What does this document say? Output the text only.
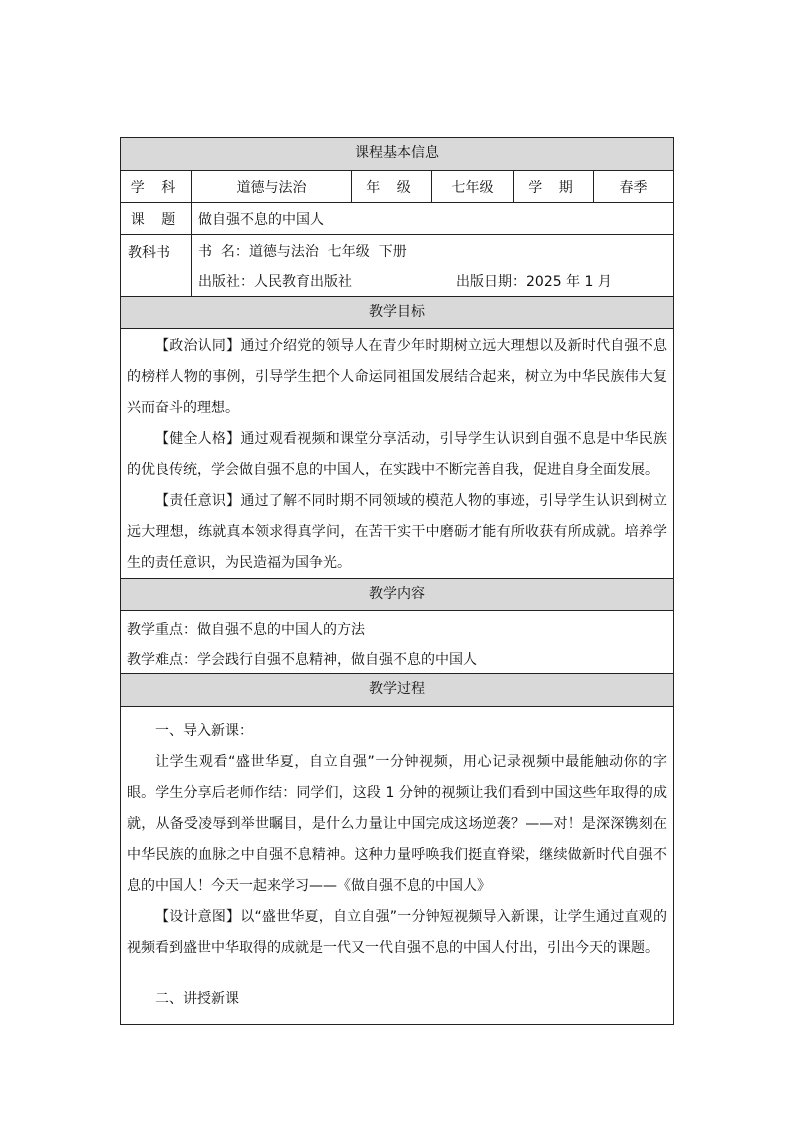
课程基本信息
学 科	道德与法治	年 级	七年级	学 期	春季
课 题	做自强不息的中国人
教科书	书  名：道德与法治  七年级  下册
出版社：人民教育出版社	出版日期：2025 年 1 月
教学目标
【政治认同】通过介绍党的领导人在青少年时期树立远大理想以及新时代自强不息的榜样人物的事例，引导学生把个人命运同祖国发展结合起来，树立为中华民族伟大复兴而奋斗的理想。
【健全人格】通过观看视频和课堂分享活动，引导学生认识到自强不息是中华民族的优良传统，学会做自强不息的中国人，在实践中不断完善自我，促进自身全面发展。
【责任意识】通过了解不同时期不同领域的模范人物的事迹，引导学生认识到树立远大理想，练就真本领求得真学问，在苦干实干中磨砺才能有所收获有所成就。培养学生的责任意识，为民造福为国争光。
教学内容
教学重点：做自强不息的中国人的方法
教学难点：学会践行自强不息精神，做自强不息的中国人
教学过程
一、导入新课：
让学生观看“盛世华夏，自立自强”一分钟视频，用心记录视频中最能触动你的字眼。学生分享后老师作结：同学们，这段 1 分钟的视频让我们看到中国这些年取得的成就，从备受凌辱到举世瞩目，是什么力量让中国完成这场逆袭？——对！是深深镌刻在中华民族的血脉之中自强不息精神。这种力量呼唤我们挺直脊梁，继续做新时代自强不息的中国人！今天一起来学习——《做自强不息的中国人》
【设计意图】以“盛世华夏，自立自强”一分钟短视频导入新课，让学生通过直观的视频看到盛世中华取得的成就是一代又一代自强不息的中国人付出，引出今天的课题。
二、讲授新课
